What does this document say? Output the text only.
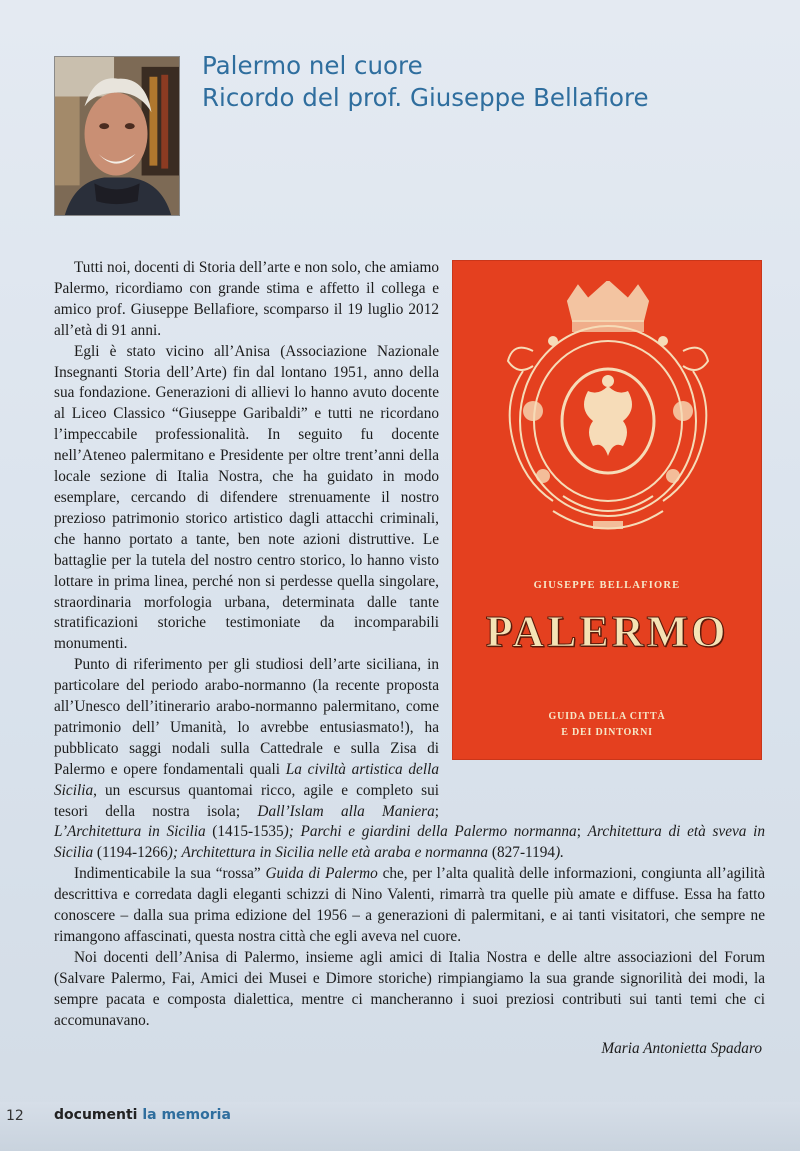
Palermo nel cuore
Ricordo del prof. Giuseppe Bellafiore
GIUSEPPE BELLAFIORE
PALERMO
GUIDA DELLA CITTÀ
E DEI DINTORNI

Tutti noi, docenti di Storia dell’arte e non solo, che amiamo Palermo, ricordiamo con grande stima e affetto il collega e amico prof. Giuseppe Bellafiore, scomparso il 19 luglio 2012 all’età di 91 anni.

Egli è stato vicino all’Anisa (Associazione Nazionale Insegnanti Storia dell’Arte) fin dal lontano 1951, anno della sua fondazione. Generazioni di allievi lo hanno avuto docente al Liceo Classico “Giuseppe Garibaldi” e tutti ne ricordano l’impeccabile professionalità. In seguito fu docente nell’Ateneo palermitano e Presidente per oltre trent’anni della locale sezione di Italia Nostra, che ha guidato in modo esemplare, cercando di difendere strenuamente il nostro prezioso patrimonio storico artistico dagli attacchi criminali, che hanno portato a tante, ben note azioni distruttive. Le battaglie per la tutela del nostro centro storico, lo hanno visto lottare in prima linea, perché non si perdesse quella singolare, straordinaria morfologia urbana, determinata dalle tante stratificazioni storiche testimoniate da incomparabili monumenti.

Punto di riferimento per gli studiosi dell’arte siciliana, in particolare del periodo arabo-normanno (la recente proposta all’Unesco dell’itinerario arabo-normanno palermitano, come patrimonio dell’ Umanità, lo avrebbe entusiasmato!), ha pubblicato saggi nodali sulla Cattedrale e sulla Zisa di Palermo e opere fondamentali quali La civiltà artistica della Sicilia, un escursus quantomai ricco, agile e completo sui tesori della nostra isola; Dall’Islam alla Maniera; L’Architettura in Sicilia (1415-1535); Parchi e giardini della Palermo normanna; Architettura di età sveva in Sicilia (1194-1266); Architettura in Sicilia nelle età araba e normanna (827-1194).

Indimenticabile la sua “rossa” Guida di Palermo che, per l’alta qualità delle informazioni, congiunta all’agilità descrittiva e corredata dagli eleganti schizzi di Nino Valenti, rimarrà tra quelle più amate e diffuse. Essa ha fatto conoscere – dalla sua prima edizione del 1956 – a generazioni di palermitani, e ai tanti visitatori, che sempre ne rimangono affascinati, questa nostra città che egli aveva nel cuore.

Noi docenti dell’Anisa di Palermo, insieme agli amici di Italia Nostra e delle altre associazioni del Forum (Salvare Palermo, Fai, Amici dei Musei e Dimore storiche) rimpiangiamo la sua grande signorilità dei modi, la sempre pacata e composta dialettica, mentre ci mancheranno i suoi preziosi contributi sui tanti temi che ci accomunavano.

Maria Antonietta Spadaro
12 documenti la memoria
